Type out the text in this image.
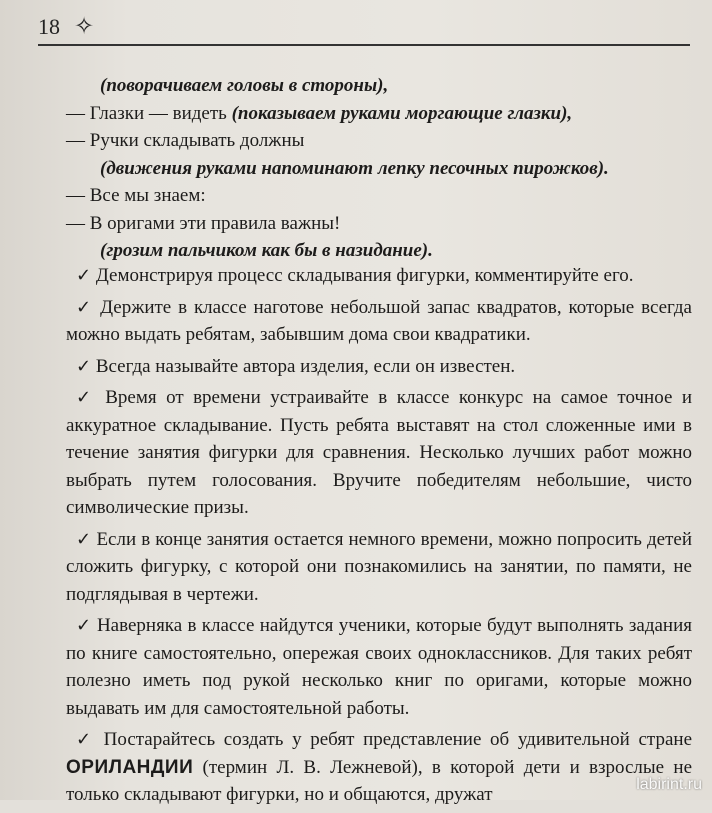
18 ✧

(поворачиваем головы в стороны),

— Глазки — видеть (показываем руками моргающие глазки),

— Ручки складывать должны

(движения руками напоминают лепку песочных пирожков).

— Все мы знаем:

— В оригами эти правила важны!

(грозим пальчиком как бы в назидание).

✓ Демонстрируя процесс складывания фигурки, комментируйте его.

✓ Держите в классе наготове небольшой запас квадратов, которые всегда можно выдать ребятам, забывшим дома свои квадратики.

✓ Всегда называйте автора изделия, если он известен.

✓ Время от времени устраивайте в классе конкурс на самое точное и аккуратное складывание. Пусть ребята выставят на стол сложенные ими в течение занятия фигурки для сравнения. Несколько лучших работ можно выбрать путем голосования. Вручите победителям небольшие, чисто символические призы.

✓ Если в конце занятия остается немного времени, можно попросить детей сложить фигурку, с которой они познакомились на занятии, по памяти, не подглядывая в чертежи.

✓ Наверняка в классе найдутся ученики, которые будут выполнять задания по книге самостоятельно, опережая своих одноклассников. Для таких ребят полезно иметь под рукой несколько книг по оригами, которые можно выдавать им для самостоятельной работы.

✓ Постарайтесь создать у ребят представление об удивительной стране ОРИЛАНДИИ (термин Л. В. Лежневой), в которой дети и взрослые не только складывают фигурки, но и общаются, дружат	labirint.ru
